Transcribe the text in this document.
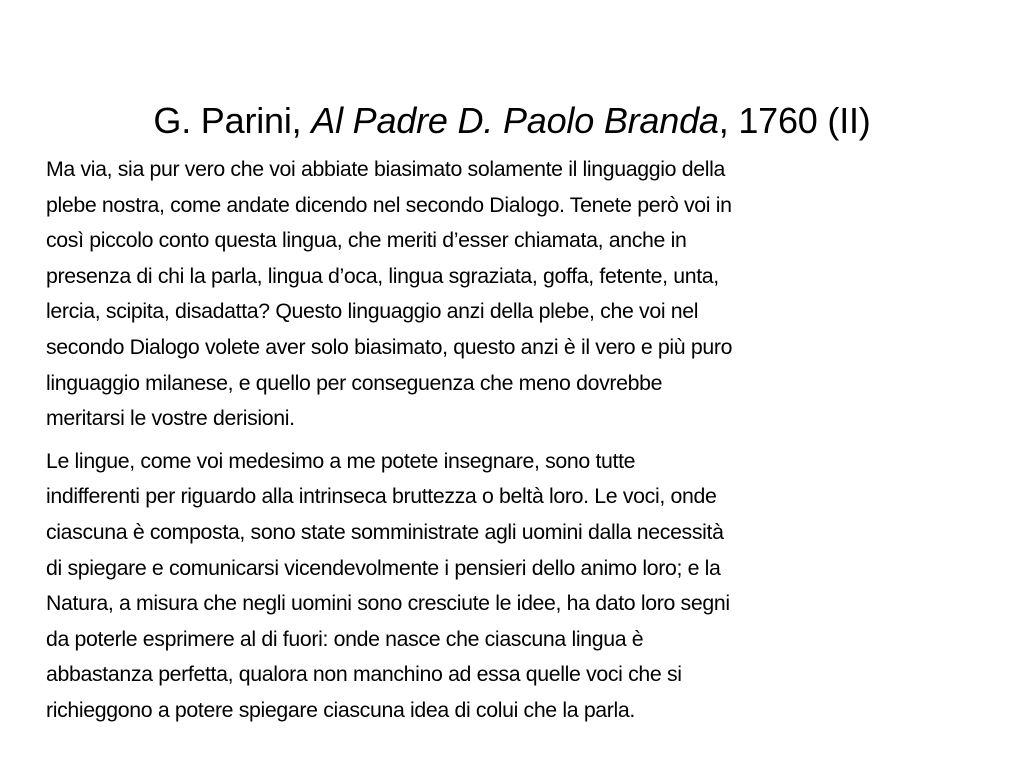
G. Parini, Al Padre D. Paolo Branda, 1760 (II)

Ma via, sia pur vero che voi abbiate biasimato solamente il linguaggio della
plebe nostra, come andate dicendo nel secondo Dialogo. Tenete però voi in
così piccolo conto questa lingua, che meriti d’esser chiamata, anche in
presenza di chi la parla, lingua d’oca, lingua sgraziata, goffa, fetente, unta,
lercia, scipita, disadatta? Questo linguaggio anzi della plebe, che voi nel
secondo Dialogo volete aver solo biasimato, questo anzi è il vero e più puro
linguaggio milanese, e quello per conseguenza che meno dovrebbe
meritarsi le vostre derisioni.

Le lingue, come voi medesimo a me potete insegnare, sono tutte
indifferenti per riguardo alla intrinseca bruttezza o beltà loro. Le voci, onde
ciascuna è composta, sono state somministrate agli uomini dalla necessità
di spiegare e comunicarsi vicendevolmente i pensieri dello animo loro; e la
Natura, a misura che negli uomini sono cresciute le idee, ha dato loro segni
da poterle esprimere al di fuori: onde nasce che ciascuna lingua è
abbastanza perfetta, qualora non manchino ad essa quelle voci che si
richieggono a potere spiegare ciascuna idea di colui che la parla.
